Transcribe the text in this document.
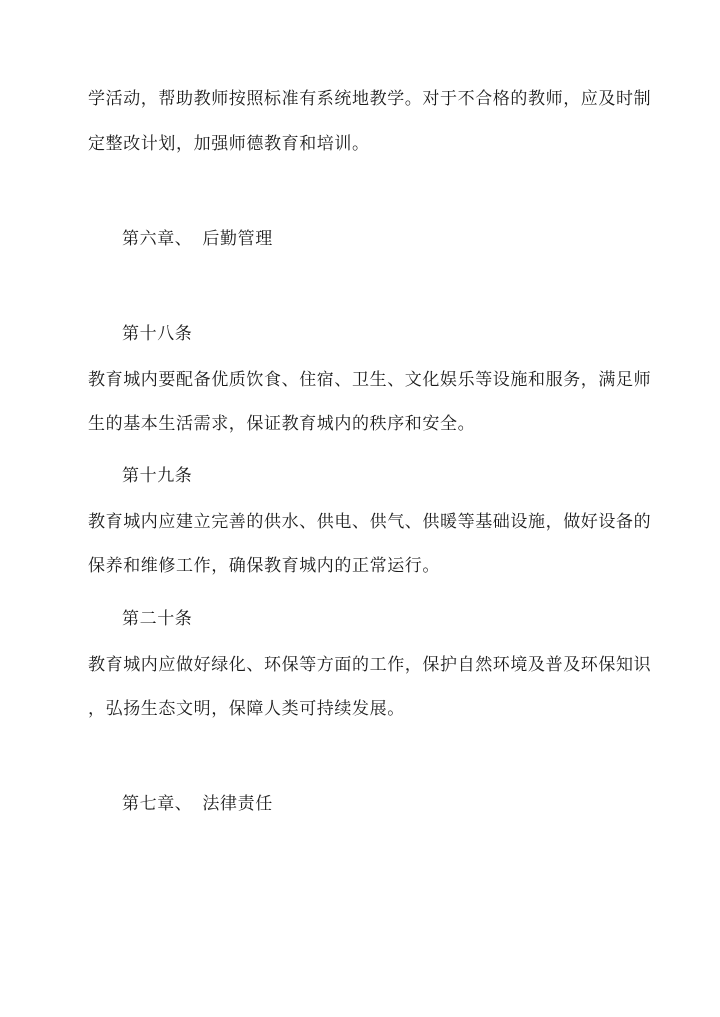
学活动，帮助教师按照标准有系统地教学。对于不合格的教师，应及时制
定整改计划，加强师德教育和培训。
第六章、 后勤管理
第十八条
教育城内要配备优质饮食、住宿、卫生、文化娱乐等设施和服务，满足师
生的基本生活需求，保证教育城内的秩序和安全。
第十九条
教育城内应建立完善的供水、供电、供气、供暖等基础设施，做好设备的
保养和维修工作，确保教育城内的正常运行。
第二十条
教育城内应做好绿化、环保等方面的工作，保护自然环境及普及环保知识
，弘扬生态文明，保障人类可持续发展。
第七章、 法律责任
